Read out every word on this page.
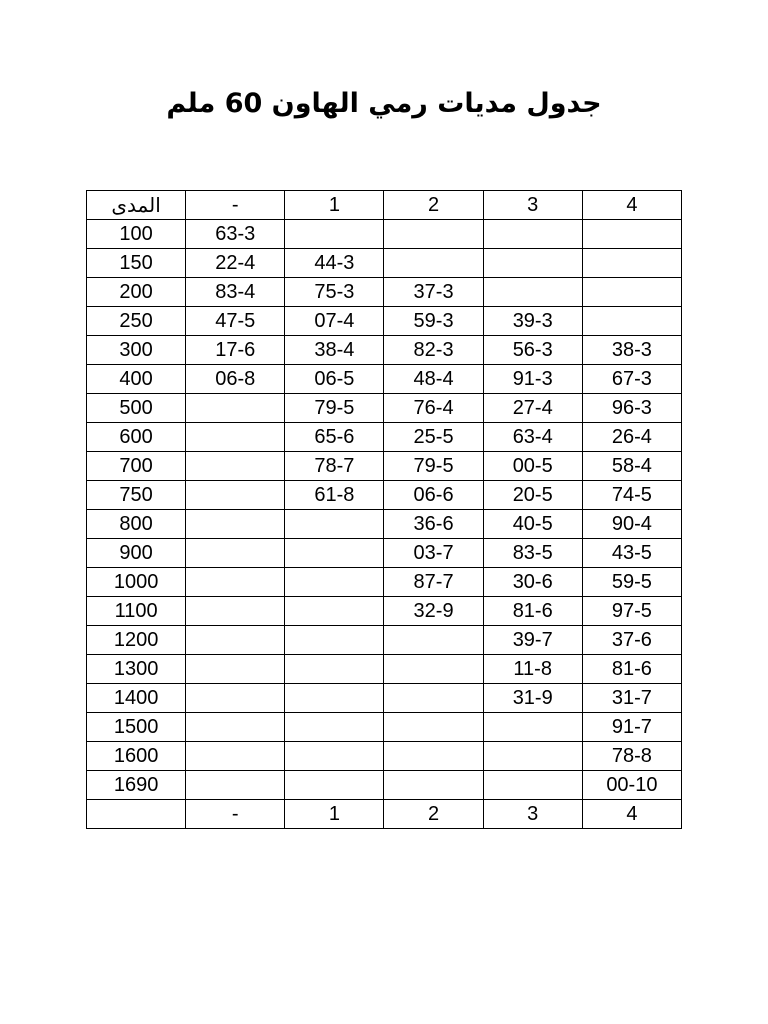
جدول مديات رمي الهاون 60 ملم
المدى	-	1	2	3	4
100	63-3				
150	22-4	44-3			
200	83-4	75-3	37-3		
250	47-5	07-4	59-3	39-3	
300	17-6	38-4	82-3	56-3	38-3
400	06-8	06-5	48-4	91-3	67-3
500		79-5	76-4	27-4	96-3
600		65-6	25-5	63-4	26-4
700		78-7	79-5	00-5	58-4
750		61-8	06-6	20-5	74-5
800			36-6	40-5	90-4
900			03-7	83-5	43-5
1000			87-7	30-6	59-5
1100			32-9	81-6	97-5
1200				39-7	37-6
1300				11-8	81-6
1400				31-9	31-7
1500					91-7
1600					78-8
1690					00-10
	-	1	2	3	4
